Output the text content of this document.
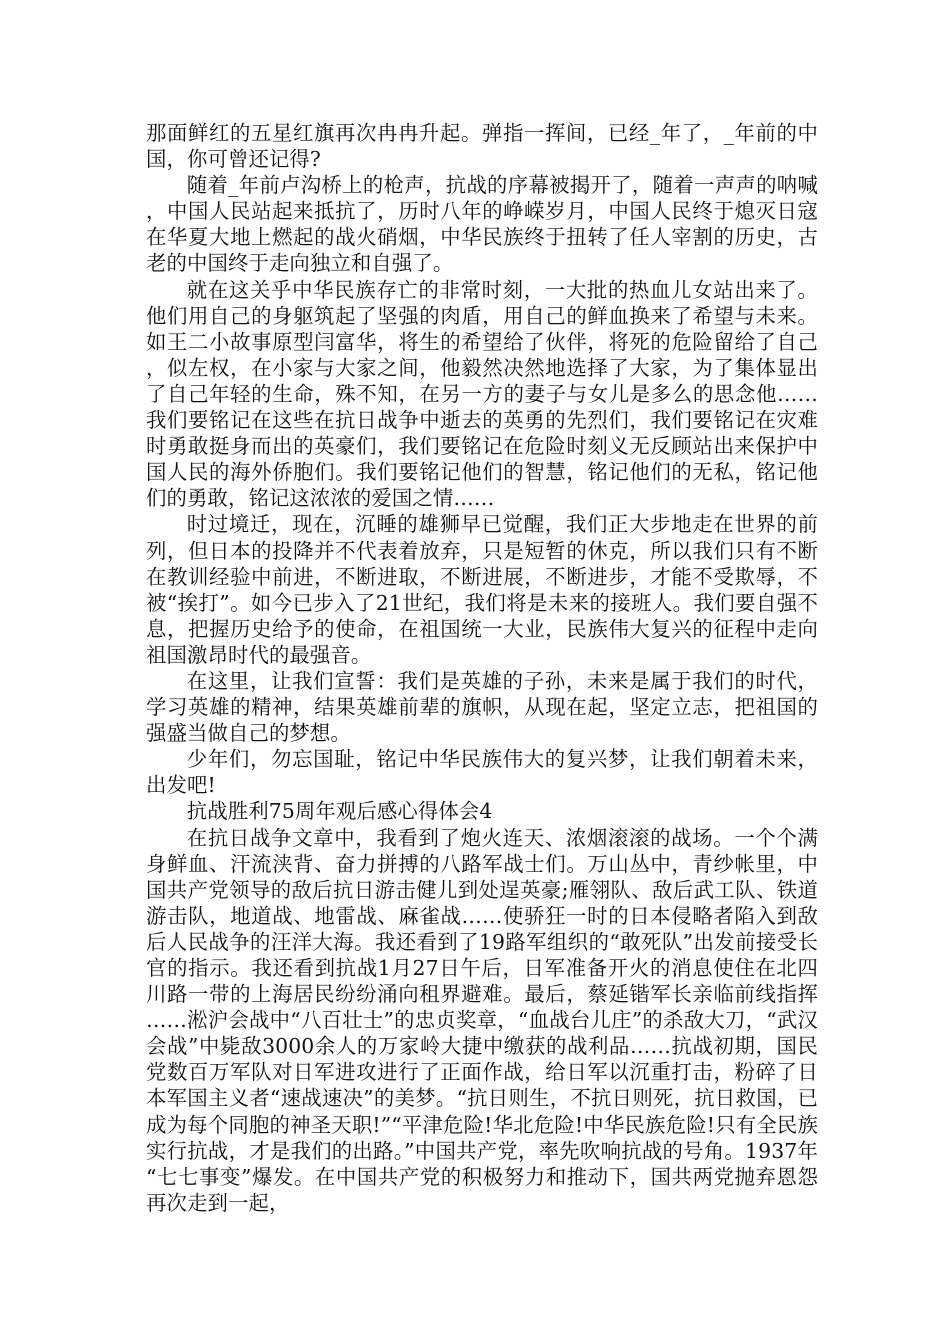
那面鲜红的五星红旗再次冉冉升起。弹指一挥间，已经_年了，_年前的中国，你可曾还记得?

随着_年前卢沟桥上的枪声，抗战的序幕被揭开了，随着一声声的呐喊，中国人民站起来抵抗了，历时八年的峥嵘岁月，中国人民终于熄灭日寇在华夏大地上燃起的战火硝烟，中华民族终于扭转了任人宰割的历史，古老的中国终于走向独立和自强了。

就在这关乎中华民族存亡的非常时刻，一大批的热血儿女站出来了。他们用自己的身躯筑起了坚强的肉盾，用自己的鲜血换来了希望与未来。如王二小故事原型闫富华，将生的希望给了伙伴，将死的危险留给了自己，似左权，在小家与大家之间，他毅然决然地选择了大家，为了集体显出了自己年轻的生命，殊不知，在另一方的妻子与女儿是多么的思念他……我们要铭记在这些在抗日战争中逝去的英勇的先烈们，我们要铭记在灾难时勇敢挺身而出的英豪们，我们要铭记在危险时刻义无反顾站出来保护中国人民的海外侨胞们。我们要铭记他们的智慧，铭记他们的无私，铭记他们的勇敢，铭记这浓浓的爱国之情……

时过境迁，现在，沉睡的雄狮早已觉醒，我们正大步地走在世界的前列，但日本的投降并不代表着放弃，只是短暂的休克，所以我们只有不断在教训经验中前进，不断进取，不断进展，不断进步，才能不受欺辱，不被“挨打”。如今已步入了21世纪，我们将是未来的接班人。我们要自强不息，把握历史给予的使命，在祖国统一大业，民族伟大复兴的征程中走向祖国激昂时代的最强音。

在这里，让我们宣誓：我们是英雄的子孙，未来是属于我们的时代，学习英雄的精神，结果英雄前辈的旗帜，从现在起，坚定立志，把祖国的强盛当做自己的梦想。

少年们，勿忘国耻，铭记中华民族伟大的复兴梦，让我们朝着未来，出发吧!

抗战胜利75周年观后感心得体会4

在抗日战争文章中，我看到了炮火连天、浓烟滚滚的战场。一个个满身鲜血、汗流浃背、奋力拼搏的八路军战士们。万山丛中，青纱帐里，中国共产党领导的敌后抗日游击健儿到处逞英豪;雁翎队、敌后武工队、铁道游击队，地道战、地雷战、麻雀战……使骄狂一时的日本侵略者陷入到敌后人民战争的汪洋大海。我还看到了19路军组织的“敢死队”出发前接受长官的指示。我还看到抗战1月27日午后，日军准备开火的消息使住在北四川路一带的上海居民纷纷涌向租界避难。最后，蔡延锴军长亲临前线指挥……淞沪会战中“八百壮士”的忠贞奖章，“血战台儿庄”的杀敌大刀，“武汉会战”中毙敌3000余人的万家岭大捷中缴获的战利品……抗战初期，国民党数百万军队对日军进攻进行了正面作战，给日军以沉重打击，粉碎了日本军国主义者“速战速决”的美梦。“抗日则生，不抗日则死，抗日救国，已成为每个同胞的神圣天职!”“平津危险!华北危险!中华民族危险!只有全民族实行抗战，才是我们的出路。”中国共产党，率先吹响抗战的号角。1937年“七七事变”爆发。在中国共产党的积极努力和推动下，国共两党抛弃恩怨再次走到一起，
